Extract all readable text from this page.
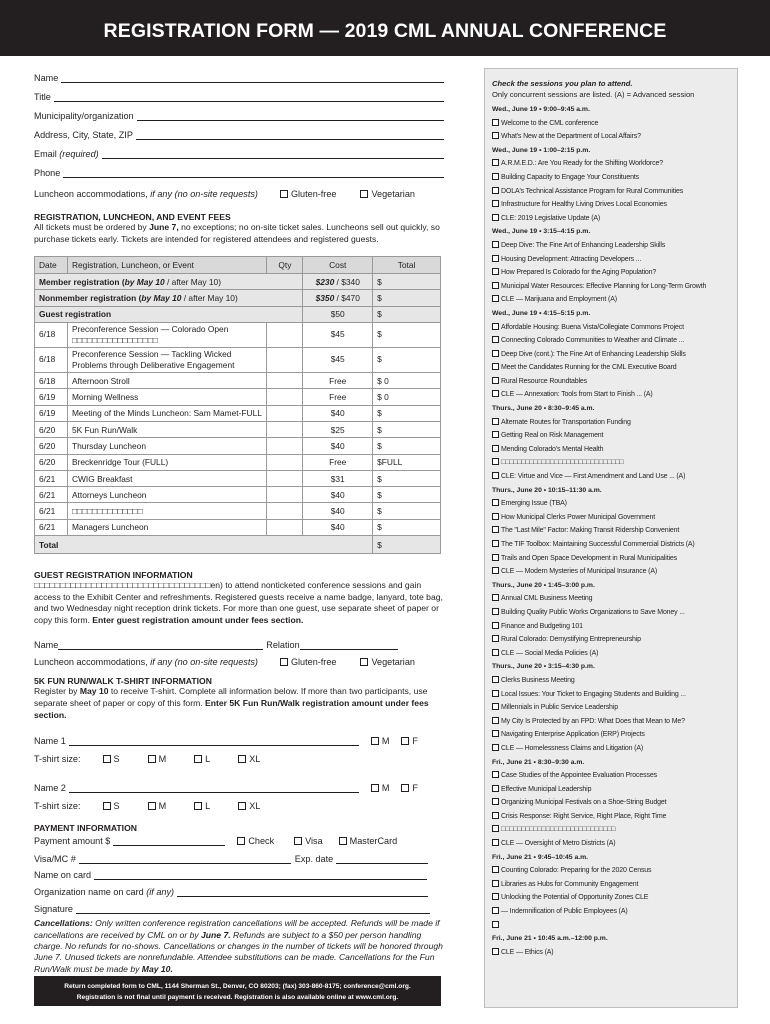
REGISTRATION FORM — 2019 CML ANNUAL CONFERENCE
Name
Title
Municipality/organization
Address, City, State, ZIP
Email
(required)
Phone
Luncheon accommodations,
if any (no on-site requests)	Gluten-free	Vegetarian
REGISTRATION, LUNCHEON, AND EVENT FEES

All tickets must be ordered by June 7, no exceptions; no on-site ticket sales. Luncheons sell out quickly, so purchase tickets early. Tickets are intended for registered attendees and registered guests.

Date	Registration, Luncheon, or Event	Qty	Cost	Total
Member registration (by May 10 / after May 10)			$230 / $340	$
Nonmember registration (by May 10 / after May 10)			$350 / $470	$
Guest registration			$50	$
6/18	Preconference Session — Colorado Open
□□□□□□□□□□□□□□□□□		$45	$
6/18	Preconference Session — Tackling Wicked
Problems through Deliberative Engagement		$45	$
6/18	Afternoon Stroll		Free	$ 0
6/19	Morning Wellness		Free	$ 0
6/19	Meeting of the Minds Luncheon: Sam Mamet-FULL		$40	$
6/20	5K Fun Run/Walk		$25	$
6/20	Thursday Luncheon		$40	$
6/20	Breckenridge Tour (FULL)		Free	$FULL
6/21	CWIG Breakfast		$31	$
6/21	Attorneys Luncheon		$40	$
6/21	□□□□□□□□□□□□□□		$40	$
6/21	Managers Luncheon		$40	$
Total				$
GUEST REGISTRATION INFORMATION

□□□□□□□□□□□□□□□□□□□□□□□□□□□□□□□□□□en) to attend nonticketed conference sessions and gain access to the Exhibit Center and refreshments. Registered guests receive a name badge, lanyard, tote bag, and two Wednesday night reception drink tickets. For more than one guest, use separate sheet of paper or copy this form. Enter guest registration amount under fees section.

Name	Relation
Luncheon accommodations,
if any (no on-site requests)	Gluten-free	Vegetarian
5K FUN RUN/WALK T-SHIRT INFORMATION

Register by May 10 to receive T-shirt. Complete all information below. If more than two participants, use separate sheet of paper or copy of this form. Enter 5K Fun Run/Walk registration amount under fees section.

Name 1	M	F
T-shirt size:	S	M	L	XL
Name 2	M	F
T-shirt size:	S	M	L	XL
PAYMENT INFORMATION
Payment amount $	Check	Visa	MasterCard
Visa/MC #	Exp. date
Name on card
Organization name on card
(if any)
Signature

Cancellations: Only written conference registration cancellations will be accepted. Refunds will be made if cancellations are received by CML on or by June 7. Refunds are subject to a $50 per person handling charge. No refunds for no-shows. Cancellations or changes in the number of tickets will be honored through June 7. Unused tickets are nonrefundable. Attendee substitutions can be made. Cancellations for the Fun Run/Walk must be made by May 10.

Return completed form to CML, 1144 Sherman St., Denver, CO 80203; (fax) 303-860-8175; conference@cml.org.
Registration is not final until payment is received. Registration is also available online at www.cml.org.
Check the sessions you plan to attend.
Only concurrent sessions are listed. (A) = Advanced session
Wed., June 19 • 9:00–9:45 a.m.
Welcome to the CML conference
What's New at the Department of Local Affairs?
Wed., June 19 • 1:00–2:15 p.m.
A.R.M.E.D.: Are You Ready for the Shifting Workforce?
Building Capacity to Engage Your Constituents
DOLA's Technical Assistance Program for Rural Communities
Infrastructure for Healthy Living Drives Local Economies
CLE: 2019 Legislative Update (A)
Wed., June 19 • 3:15–4:15 p.m.
Deep Dive: The Fine Art of Enhancing Leadership Skills
Housing Development: Attracting Developers ...
How Prepared Is Colorado for the Aging Population?
Municipal Water Resources: Effective Planning for Long-Term Growth
CLE — Marijuana and Employment (A)
Wed., June 19 • 4:15–5:15 p.m.
Affordable Housing: Buena Vista/Collegiate Commons Project
Connecting Colorado Communities to Weather and Climate ...
Deep Dive (cont.): The Fine Art of Enhancing Leadership Skills
Meet the Candidates Running for the CML Executive Board
Rural Resource Roundtables
CLE — Annexation: Tools from Start to Finish ... (A)
Thurs., June 20 • 8:30–9:45 a.m.
Alternate Routes for Transportation Funding
Getting Real on Risk Management
Mending Colorado's Mental Health
□□□□□□□□□□□□□□□□□□□□□□□□□□□□□□
CLE: Virtue and Vice — First Amendment and Land Use ... (A)
Thurs., June 20 • 10:15–11:30 a.m.
Emerging Issue (TBA)
How Municipal Clerks Power Municipal Government
The "Last Mile" Factor: Making Transit Ridership Convenient
The TIF Toolbox: Maintaining Successful Commercial Districts (A)
Trails and Open Space Development in Rural Municipalities
CLE — Modern Mysteries of Municipal Insurance (A)
Thurs., June 20 • 1:45–3:00 p.m.
Annual CML Business Meeting
Building Quality Public Works Organizations to Save Money ...
Finance and Budgeting 101
Rural Colorado: Demystifying Entrepreneurship
CLE — Social Media Policies (A)
Thurs., June 20 • 3:15–4:30 p.m.
Clerks Business Meeting
Local Issues: Your Ticket to Engaging Students and Building ...
Millennials in Public Service Leadership
My City Is Protected by an FPD: What Does that Mean to Me?
Navigating Enterprise Application (ERP) Projects
CLE — Homelessness Claims and Litigation (A)
Fri., June 21 • 8:30–9:30 a.m.
Case Studies of the Appointee Evaluation Processes
Effective Municipal Leadership
Organizing Municipal Festivals on a Shoe-String Budget
Crisis Response: Right Service, Right Place, Right Time
□□□□□□□□□□□□□□□□□□□□□□□□□□□□
CLE — Oversight of Metro Districts (A)
Fri., June 21 • 9:45–10:45 a.m.
Counting Colorado: Preparing for the 2020 Census
Libraries as Hubs for Community Engagement
Unlocking the Potential of Opportunity Zones CLE
— Indemnification of Public Employees (A)
Fri., June 21 • 10:45 a.m.–12:00 p.m.
CLE — Ethics (A)
